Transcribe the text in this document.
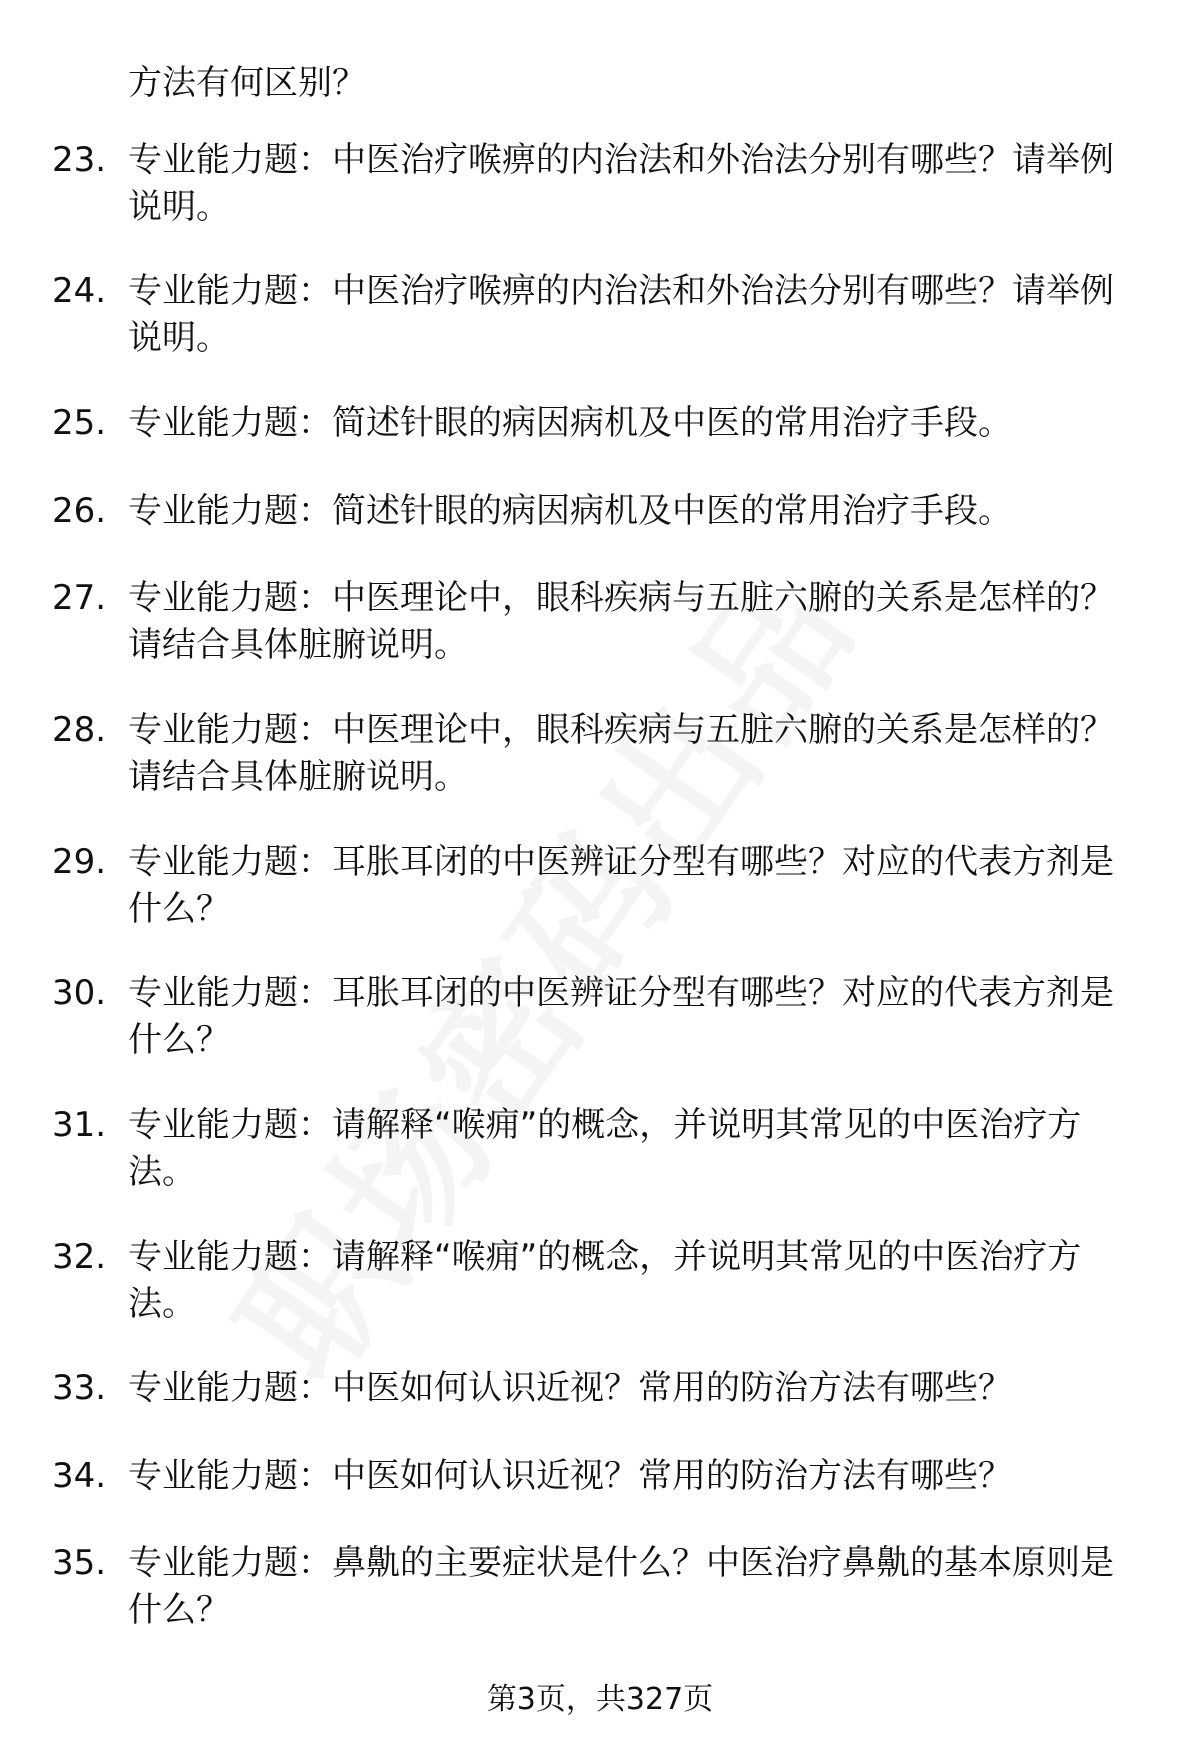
方法有何区别？
23. 专业能力题：中医治疗喉痹的内治法和外治法分别有哪些？请举例说明。
24. 专业能力题：中医治疗喉痹的内治法和外治法分别有哪些？请举例说明。
25. 专业能力题：简述针眼的病因病机及中医的常用治疗手段。
26. 专业能力题：简述针眼的病因病机及中医的常用治疗手段。
27. 专业能力题：中医理论中，眼科疾病与五脏六腑的关系是怎样的？请结合具体脏腑说明。
28. 专业能力题：中医理论中，眼科疾病与五脏六腑的关系是怎样的？请结合具体脏腑说明。
29. 专业能力题：耳胀耳闭的中医辨证分型有哪些？对应的代表方剂是什么？
30. 专业能力题：耳胀耳闭的中医辨证分型有哪些？对应的代表方剂是什么？
31. 专业能力题：请解释“喉痈”的概念，并说明其常见的中医治疗方法。
32. 专业能力题：请解释“喉痈”的概念，并说明其常见的中医治疗方法。
33. 专业能力题：中医如何认识近视？常用的防治方法有哪些？
34. 专业能力题：中医如何认识近视？常用的防治方法有哪些？
35. 专业能力题：鼻鼽的主要症状是什么？中医治疗鼻鼽的基本原则是什么？
第3页，共327页
